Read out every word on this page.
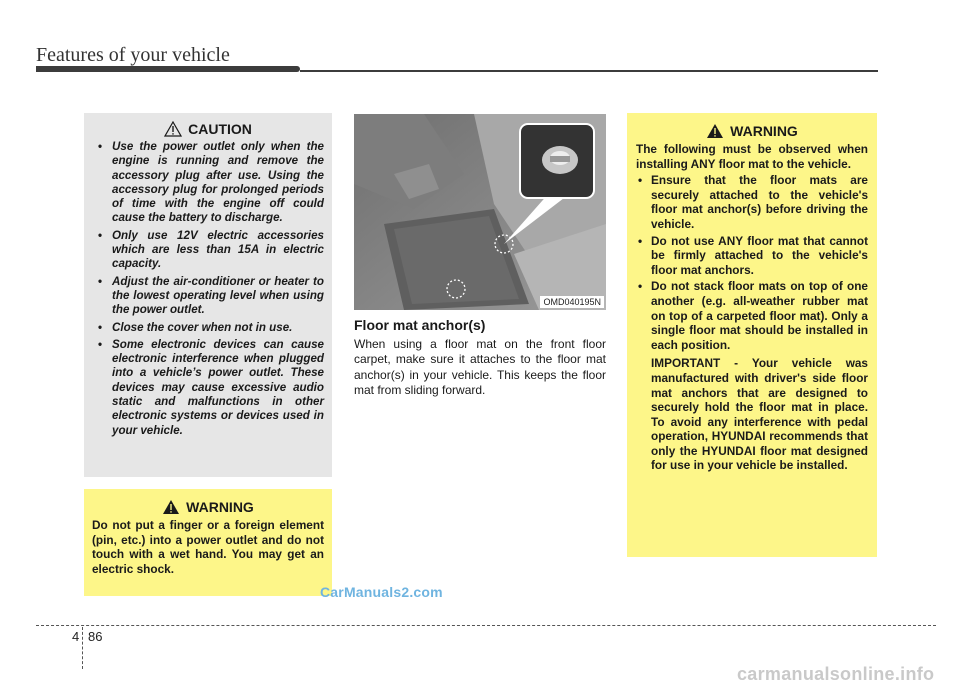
Features of your vehicle
CAUTION
• Use the power outlet only when the engine is running and remove the accessory plug after use. Using the accessory plug for prolonged periods of time with the engine off could cause the battery to discharge.
• Only use 12V electric accessories which are less than 15A in electric capacity.
• Adjust the air-conditioner or heater to the lowest operating level when using the power outlet.
• Close the cover when not in use.
• Some electronic devices can cause electronic interference when plugged into a vehicle’s power outlet. These devices may cause excessive audio static and malfunctions in other electronic systems or devices used in your vehicle.
WARNING

Do not put a finger or a foreign element (pin, etc.) into a power outlet and do not touch with a wet hand. You may get an electric shock.

OMD040195N
Floor mat anchor(s)

When using a floor mat on the front floor carpet, make sure it attaches to the floor mat anchor(s) in your vehicle. This keeps the floor mat from sliding forward.

WARNING

The following must be observed when installing ANY floor mat to the vehicle.

• Ensure that the floor mats are securely attached to the vehicle's floor mat anchor(s) before driving the vehicle.
• Do not use ANY floor mat that cannot be firmly attached to the vehicle's floor mat anchors.
• Do not stack floor mats on top of one another (e.g. all-weather rubber mat on top of a carpeted floor mat). Only a single floor mat should be installed in each position.

IMPORTANT - Your vehicle was manufactured with driver's side floor mat anchors that are designed to securely hold the floor mat in place. To avoid any interference with pedal operation, HYUNDAI recommends that only the HYUNDAI floor mat designed for use in your vehicle be installed.

CarManuals2.com
4 86
carmanualsonline.info
